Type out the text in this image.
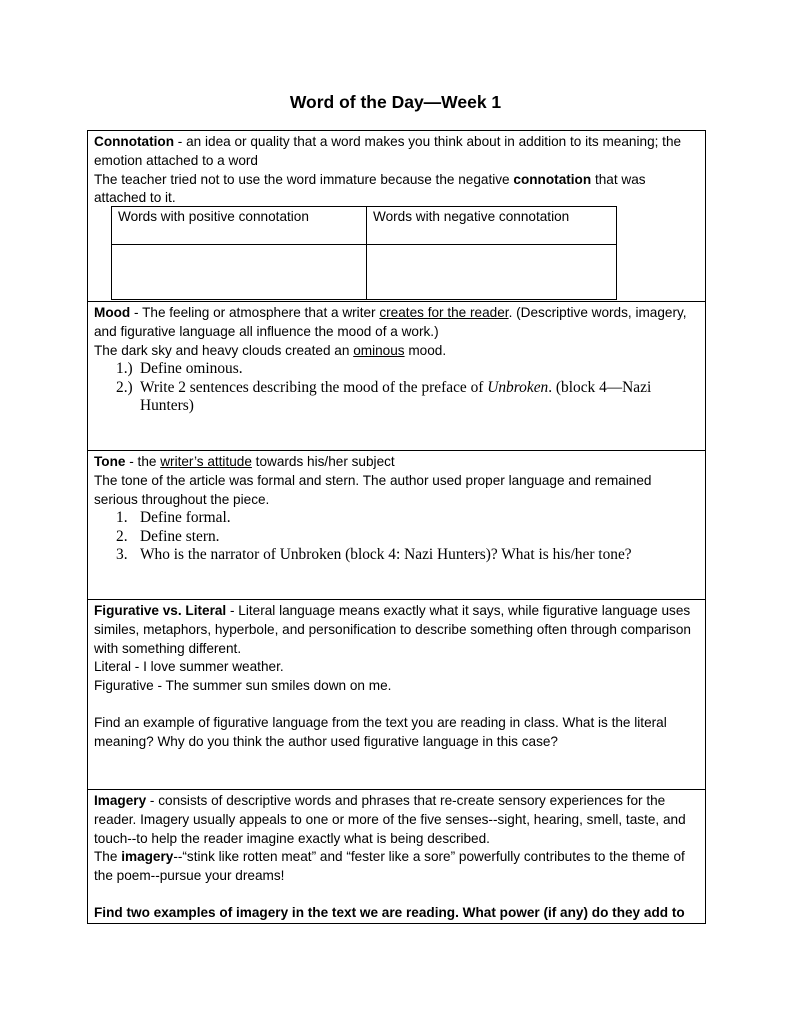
Word of the Day—Week 1

Connotation - an idea or quality that a word makes you think about in addition to its meaning; the emotion attached to a word

The teacher tried not to use the word immature because the negative connotation that was attached to it.

Words with positive connotation	Words with negative connotation

Mood - The feeling or atmosphere that a writer creates for the reader. (Descriptive words, imagery, and figurative language all influence the mood of a work.)

The dark sky and heavy clouds created an ominous mood.

1.) Define ominous.
2.) Write 2 sentences describing the mood of the preface of Unbroken. (block 4—Nazi Hunters)

Tone - the writer’s attitude towards his/her subject

The tone of the article was formal and stern. The author used proper language and remained serious throughout the piece.

1. Define formal.
2. Define stern.
3. Who is the narrator of Unbroken (block 4: Nazi Hunters)? What is his/her tone?

Figurative vs. Literal - Literal language means exactly what it says, while figurative language uses similes, metaphors, hyperbole, and personification to describe something often through comparison with something different.

Literal - I love summer weather.

Figurative - The summer sun smiles down on me.

Find an example of figurative language from the text you are reading in class. What is the literal meaning? Why do you think the author used figurative language in this case?

Imagery - consists of descriptive words and phrases that re-create sensory experiences for the reader. Imagery usually appeals to one or more of the five senses--sight, hearing, smell, taste, and touch--to help the reader imagine exactly what is being described.

The imagery--“stink like rotten meat” and “fester like a sore” powerfully contributes to the theme of the poem--pursue your dreams!

Find two examples of imagery in the text we are reading. What power (if any) do they add to
